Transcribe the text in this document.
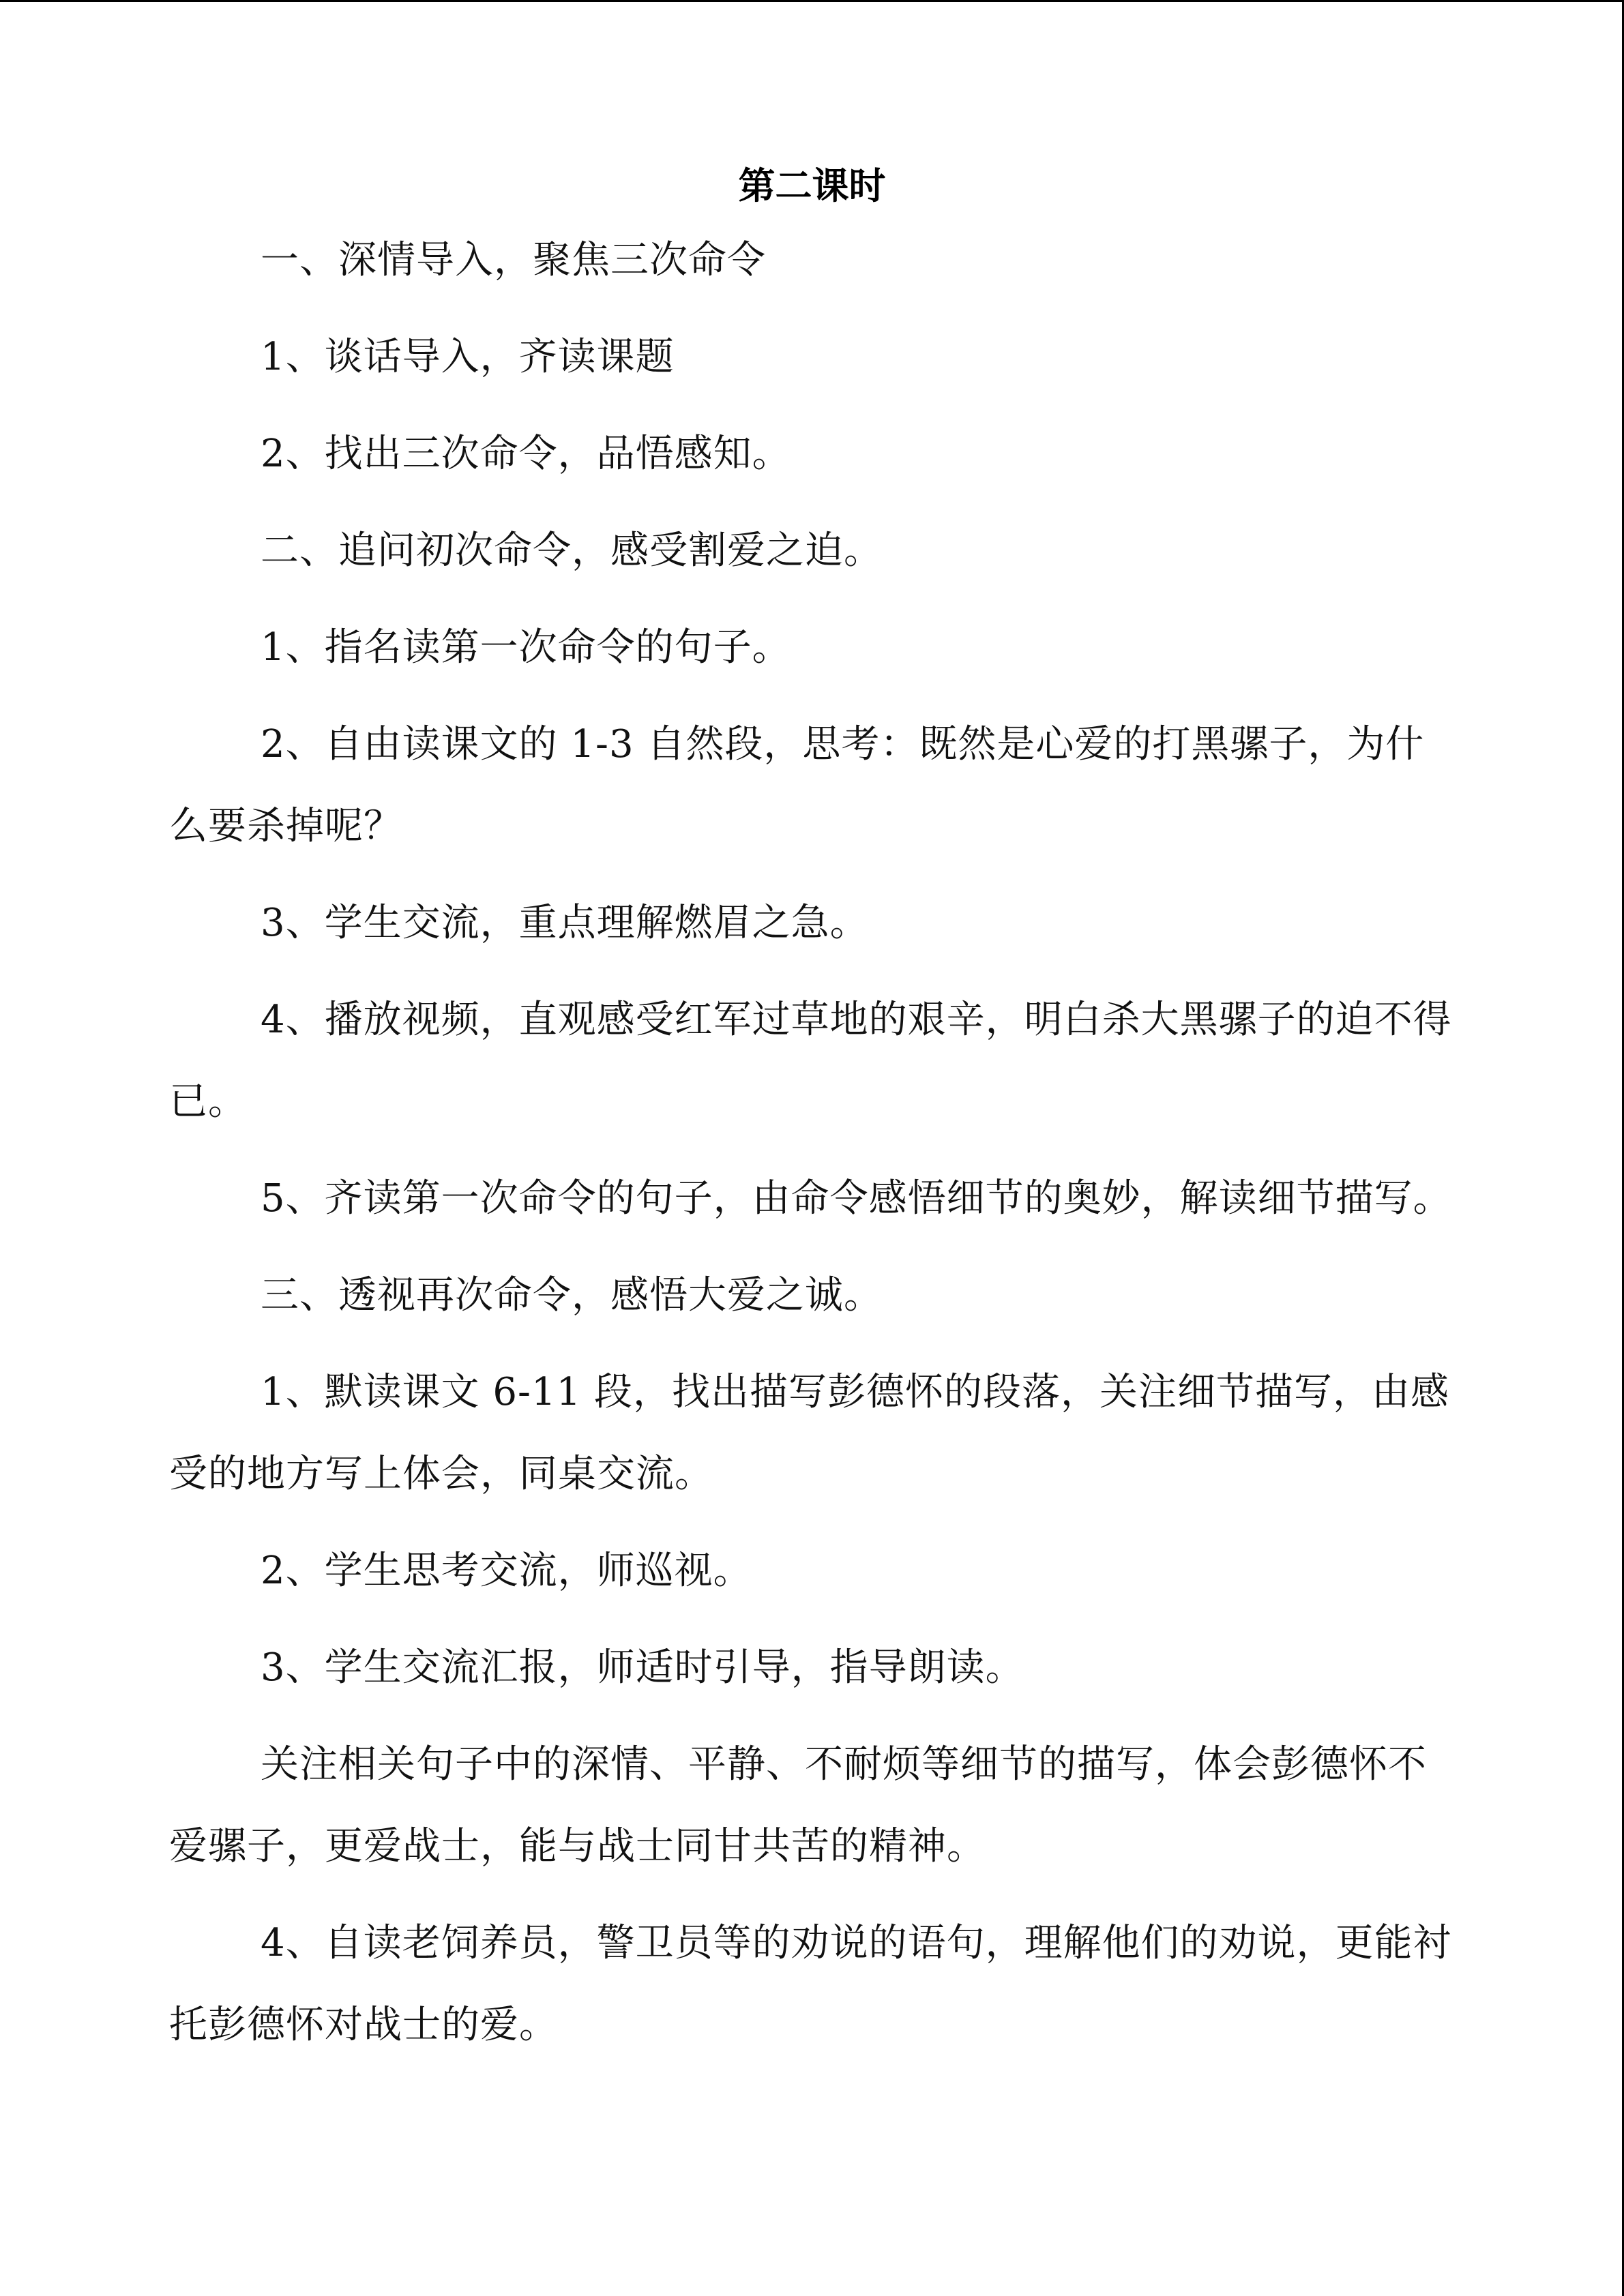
第二课时

一、深情导入，聚焦三次命令

1、谈话导入，齐读课题

2、找出三次命令，品悟感知。

二、追问初次命令，感受割爱之迫。

1、指名读第一次命令的句子。

2、自由读课文的 1-3 自然段，思考：既然是心爱的打黑骡子，为什么要杀掉呢？

3、学生交流，重点理解燃眉之急。

4、播放视频，直观感受红军过草地的艰辛，明白杀大黑骡子的迫不得已。

5、齐读第一次命令的句子，由命令感悟细节的奥妙，解读细节描写。

三、透视再次命令，感悟大爱之诚。

1、默读课文 6-11 段，找出描写彭德怀的段落，关注细节描写，由感受的地方写上体会，同桌交流。

2、学生思考交流，师巡视。

3、学生交流汇报，师适时引导，指导朗读。

关注相关句子中的深情、平静、不耐烦等细节的描写，体会彭德怀不爱骡子，更爱战士，能与战士同甘共苦的精神。

4、自读老饲养员，警卫员等的劝说的语句，理解他们的劝说，更能衬托彭德怀对战士的爱。
